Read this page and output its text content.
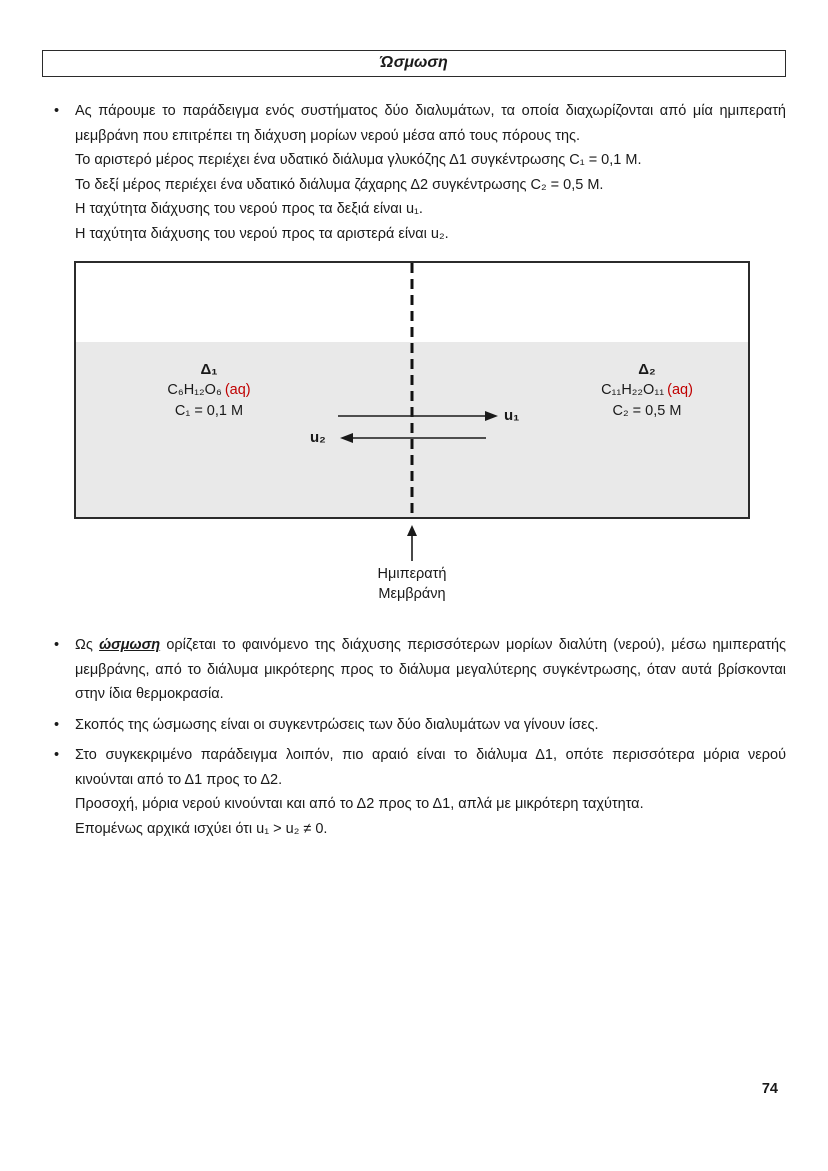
Ώσμωση
•	Ας πάρουμε το παράδειγμα ενός συστήματος δύο διαλυμάτων, τα οποία διαχωρίζονται από μία ημιπερατή μεμβράνη που επιτρέπει τη διάχυση μορίων νερού μέσα από τους πόρους της.

Το αριστερό μέρος περιέχει ένα υδατικό διάλυμα γλυκόζης Δ1 συγκέντρωσης C₁ = 0,1 M.

Το δεξί μέρος περιέχει ένα υδατικό διάλυμα ζάχαρης Δ2 συγκέντρωσης C₂ = 0,5 M.

Η ταχύτητα διάχυσης του νερού προς τα δεξιά είναι u₁.

Η ταχύτητα διάχυσης του νερού προς τα αριστερά είναι u₂.

Δ₁
C₆H₁₂O₆ (aq)
C₁ = 0,1 M
Δ₂
C₁₁H₂₂O₁₁ (aq)
C₂ = 0,5 M
u₁
u₂
Ημιπερατή
Μεμβράνη
•	Ως ώσμωση ορίζεται το φαινόμενο της διάχυσης περισσότερων μορίων διαλύτη (νερού), μέσω ημιπερατής μεμβράνης, από το διάλυμα μικρότερης προς το διάλυμα μεγαλύτερης συγκέντρωσης, όταν αυτά βρίσκονται στην ίδια θερμοκρασία.

•	Σκοπός της ώσμωσης είναι οι συγκεντρώσεις των δύο διαλυμάτων να γίνουν ίσες.

•	Στο συγκεκριμένο παράδειγμα λοιπόν, πιο αραιό είναι το διάλυμα Δ1, οπότε περισσότερα μόρια νερού κινούνται από το Δ1 προς το Δ2.

Προσοχή, μόρια νερού κινούνται και από το Δ2 προς το Δ1, απλά με μικρότερη ταχύτητα.

Επομένως αρχικά ισχύει ότι u₁ > u₂ ≠ 0.

74
